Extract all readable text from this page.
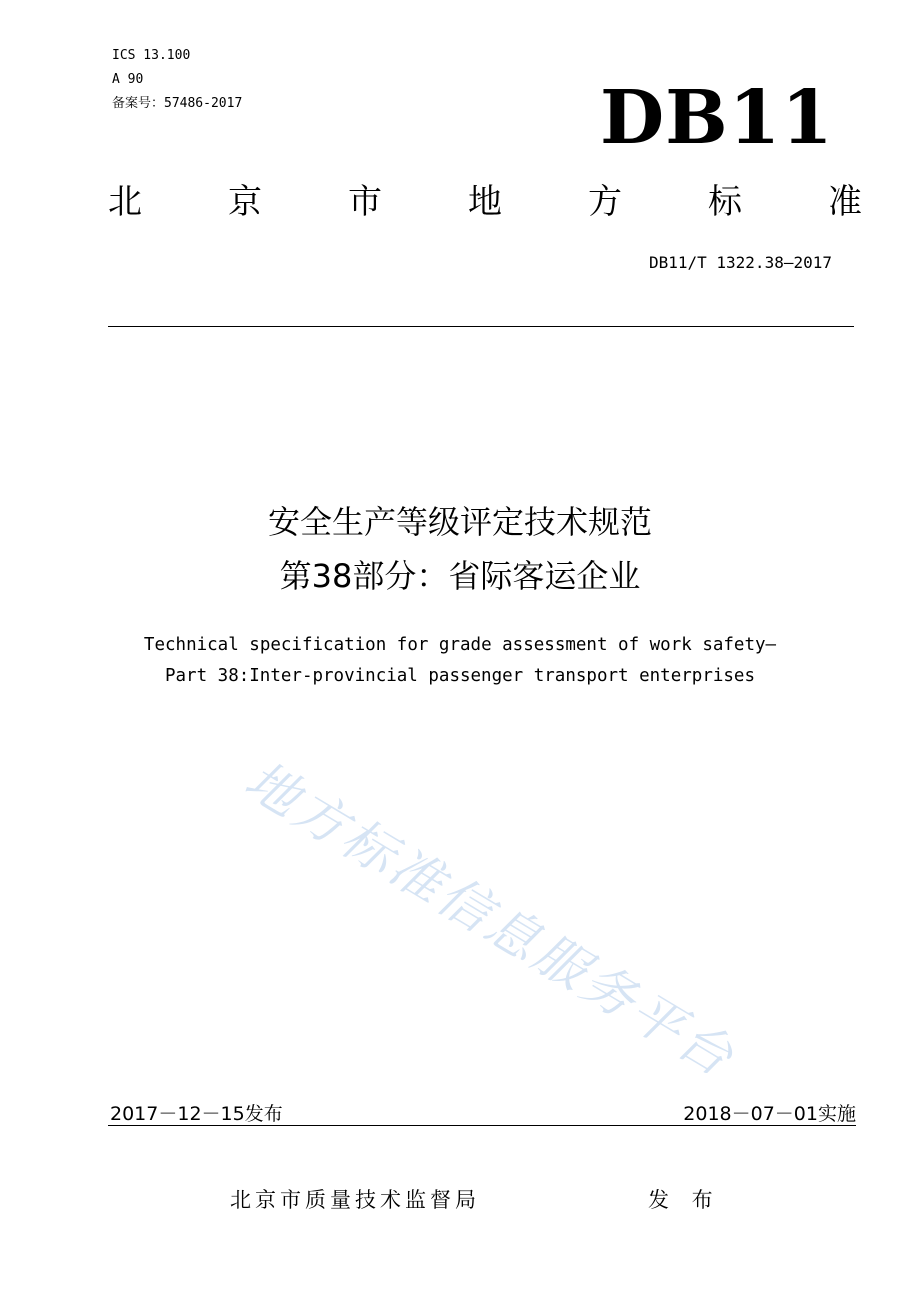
ICS 13.100
A 90
备案号：57486-2017	DB11
北	京	市	地	方	标	准
DB11/T 1322.38—2017
安全生产等级评定技术规范
第38部分：省际客运企业
Technical specification for grade assessment of work safety—
Part 38:Inter-provincial passenger transport enterprises
地方标准信息服务平台
2017－12－15发布	2018－07－01实施
北京市质量技术监督局	发 布
